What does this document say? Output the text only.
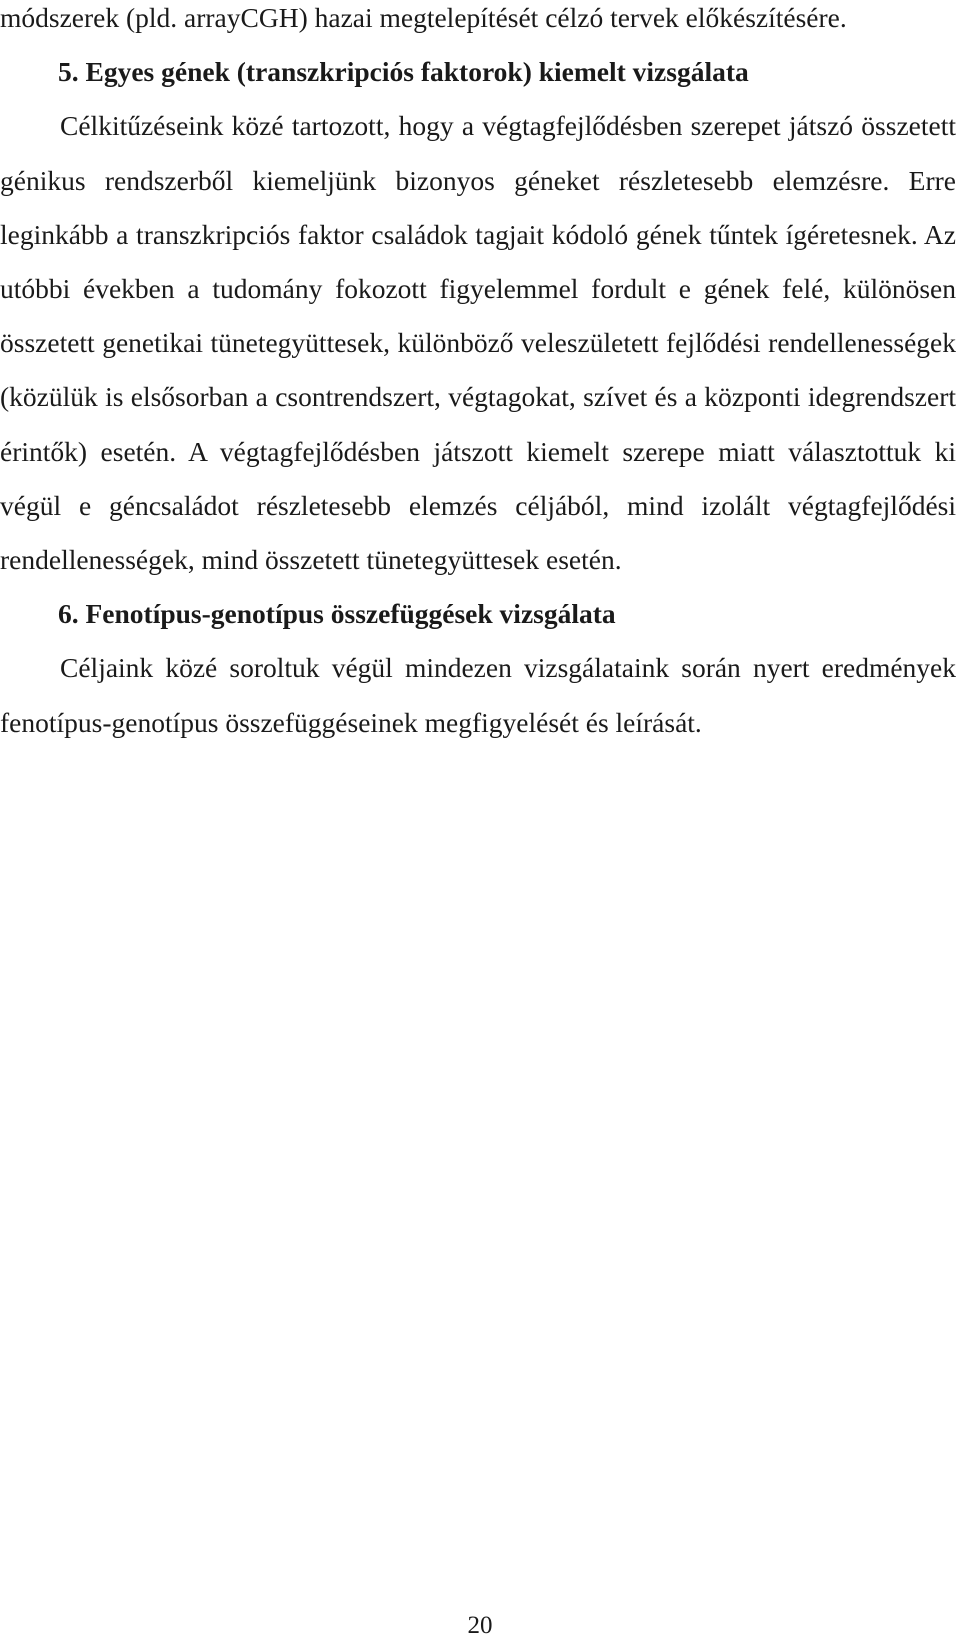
módszerek (pld. arrayCGH) hazai megtelepítését célzó tervek előkészítésére.

5. Egyes gének (transzkripciós faktorok) kiemelt vizsgálata

Célkitűzéseink közé tartozott, hogy a végtagfejlődésben szerepet játszó összetett génikus rendszerből kiemeljünk bizonyos géneket részletesebb elemzésre. Erre leginkább a transzkripciós faktor családok tagjait kódoló gének tűntek ígéretesnek. Az utóbbi években a tudomány fokozott figyelemmel fordult e gének felé, különösen összetett genetikai tünetegyüttesek, különböző veleszületett fejlődési rendellenességek (közülük is elsősorban a csontrendszert, végtagokat, szívet és a központi idegrendszert érintők) esetén. A végtagfejlődésben játszott kiemelt szerepe miatt választottuk ki végül e géncsaládot részletesebb elemzés céljából, mind izolált végtagfejlődési rendellenességek, mind összetett tünetegyüttesek esetén.

6. Fenotípus-genotípus összefüggések vizsgálata

Céljaink közé soroltuk végül mindezen vizsgálataink során nyert eredmények fenotípus-genotípus összefüggéseinek megfigyelését és leírását.

20
